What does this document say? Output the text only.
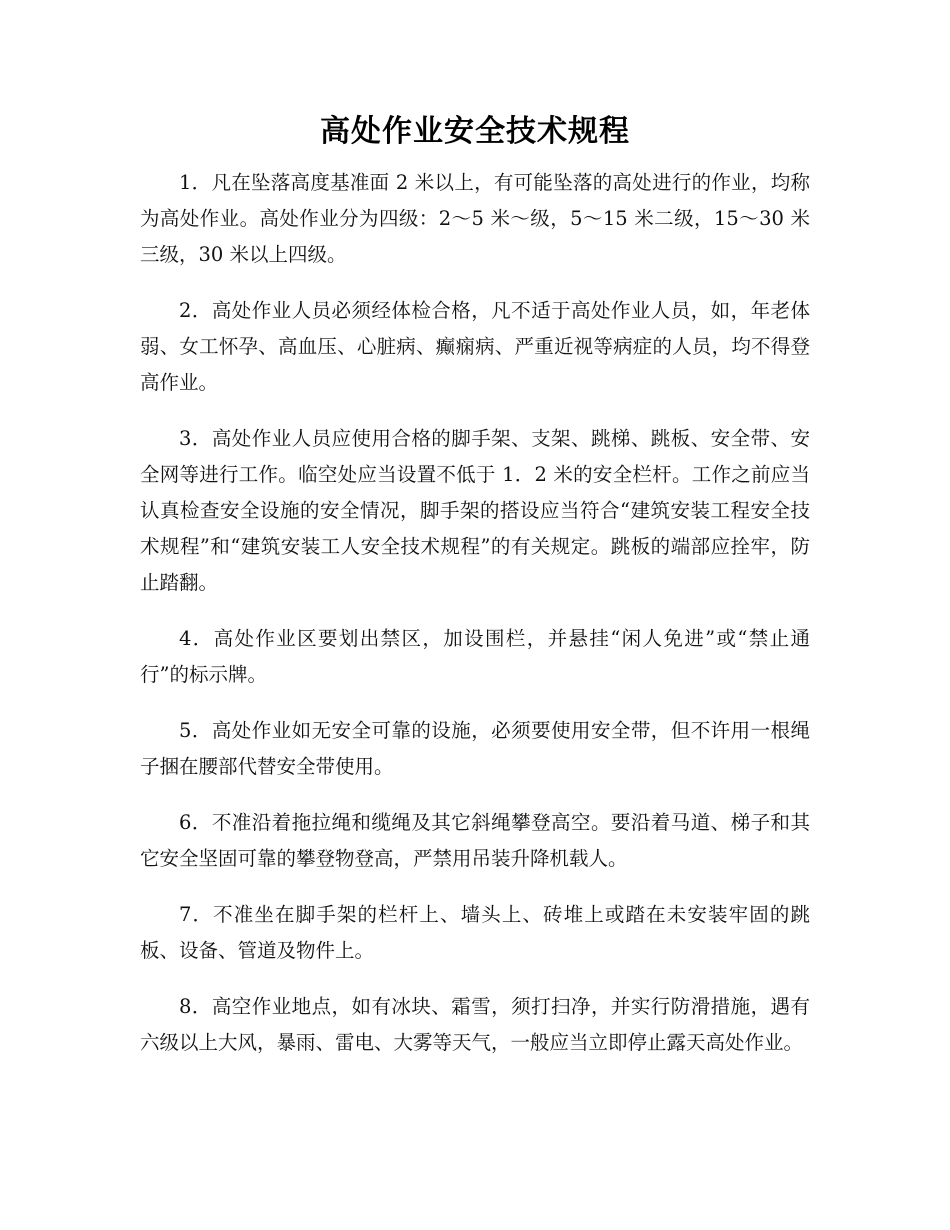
高处作业安全技术规程

1．凡在坠落高度基准面 2 米以上，有可能坠落的高处进行的作业，均称为高处作业。高处作业分为四级：2～5 米～级，5～15 米二级，15～30 米三级，30 米以上四级。

2．高处作业人员必须经体检合格，凡不适于高处作业人员，如，年老体弱、女工怀孕、高血压、心脏病、癫痫病、严重近视等病症的人员，均不得登高作业。

3．高处作业人员应使用合格的脚手架、支架、跳梯、跳板、安全带、安全网等进行工作。临空处应当设置不低于 1．2 米的安全栏杆。工作之前应当认真检查安全设施的安全情况，脚手架的搭设应当符合“建筑安装工程安全技术规程”和“建筑安装工人安全技术规程”的有关规定。跳板的端部应拴牢，防止踏翻。

4．高处作业区要划出禁区，加设围栏，并悬挂“闲人免进”或“禁止通行”的标示牌。

5．高处作业如无安全可靠的设施，必须要使用安全带，但不许用一根绳子捆在腰部代替安全带使用。

6．不准沿着拖拉绳和缆绳及其它斜绳攀登高空。要沿着马道、梯子和其它安全坚固可靠的攀登物登高，严禁用吊装升降机载人。

7．不准坐在脚手架的栏杆上、墙头上、砖堆上或踏在未安装牢固的跳板、设备、管道及物件上。

8．高空作业地点，如有冰块、霜雪，须打扫净，并实行防滑措施，遇有六级以上大风，暴雨、雷电、大雾等天气，一般应当立即停止露天高处作业。
